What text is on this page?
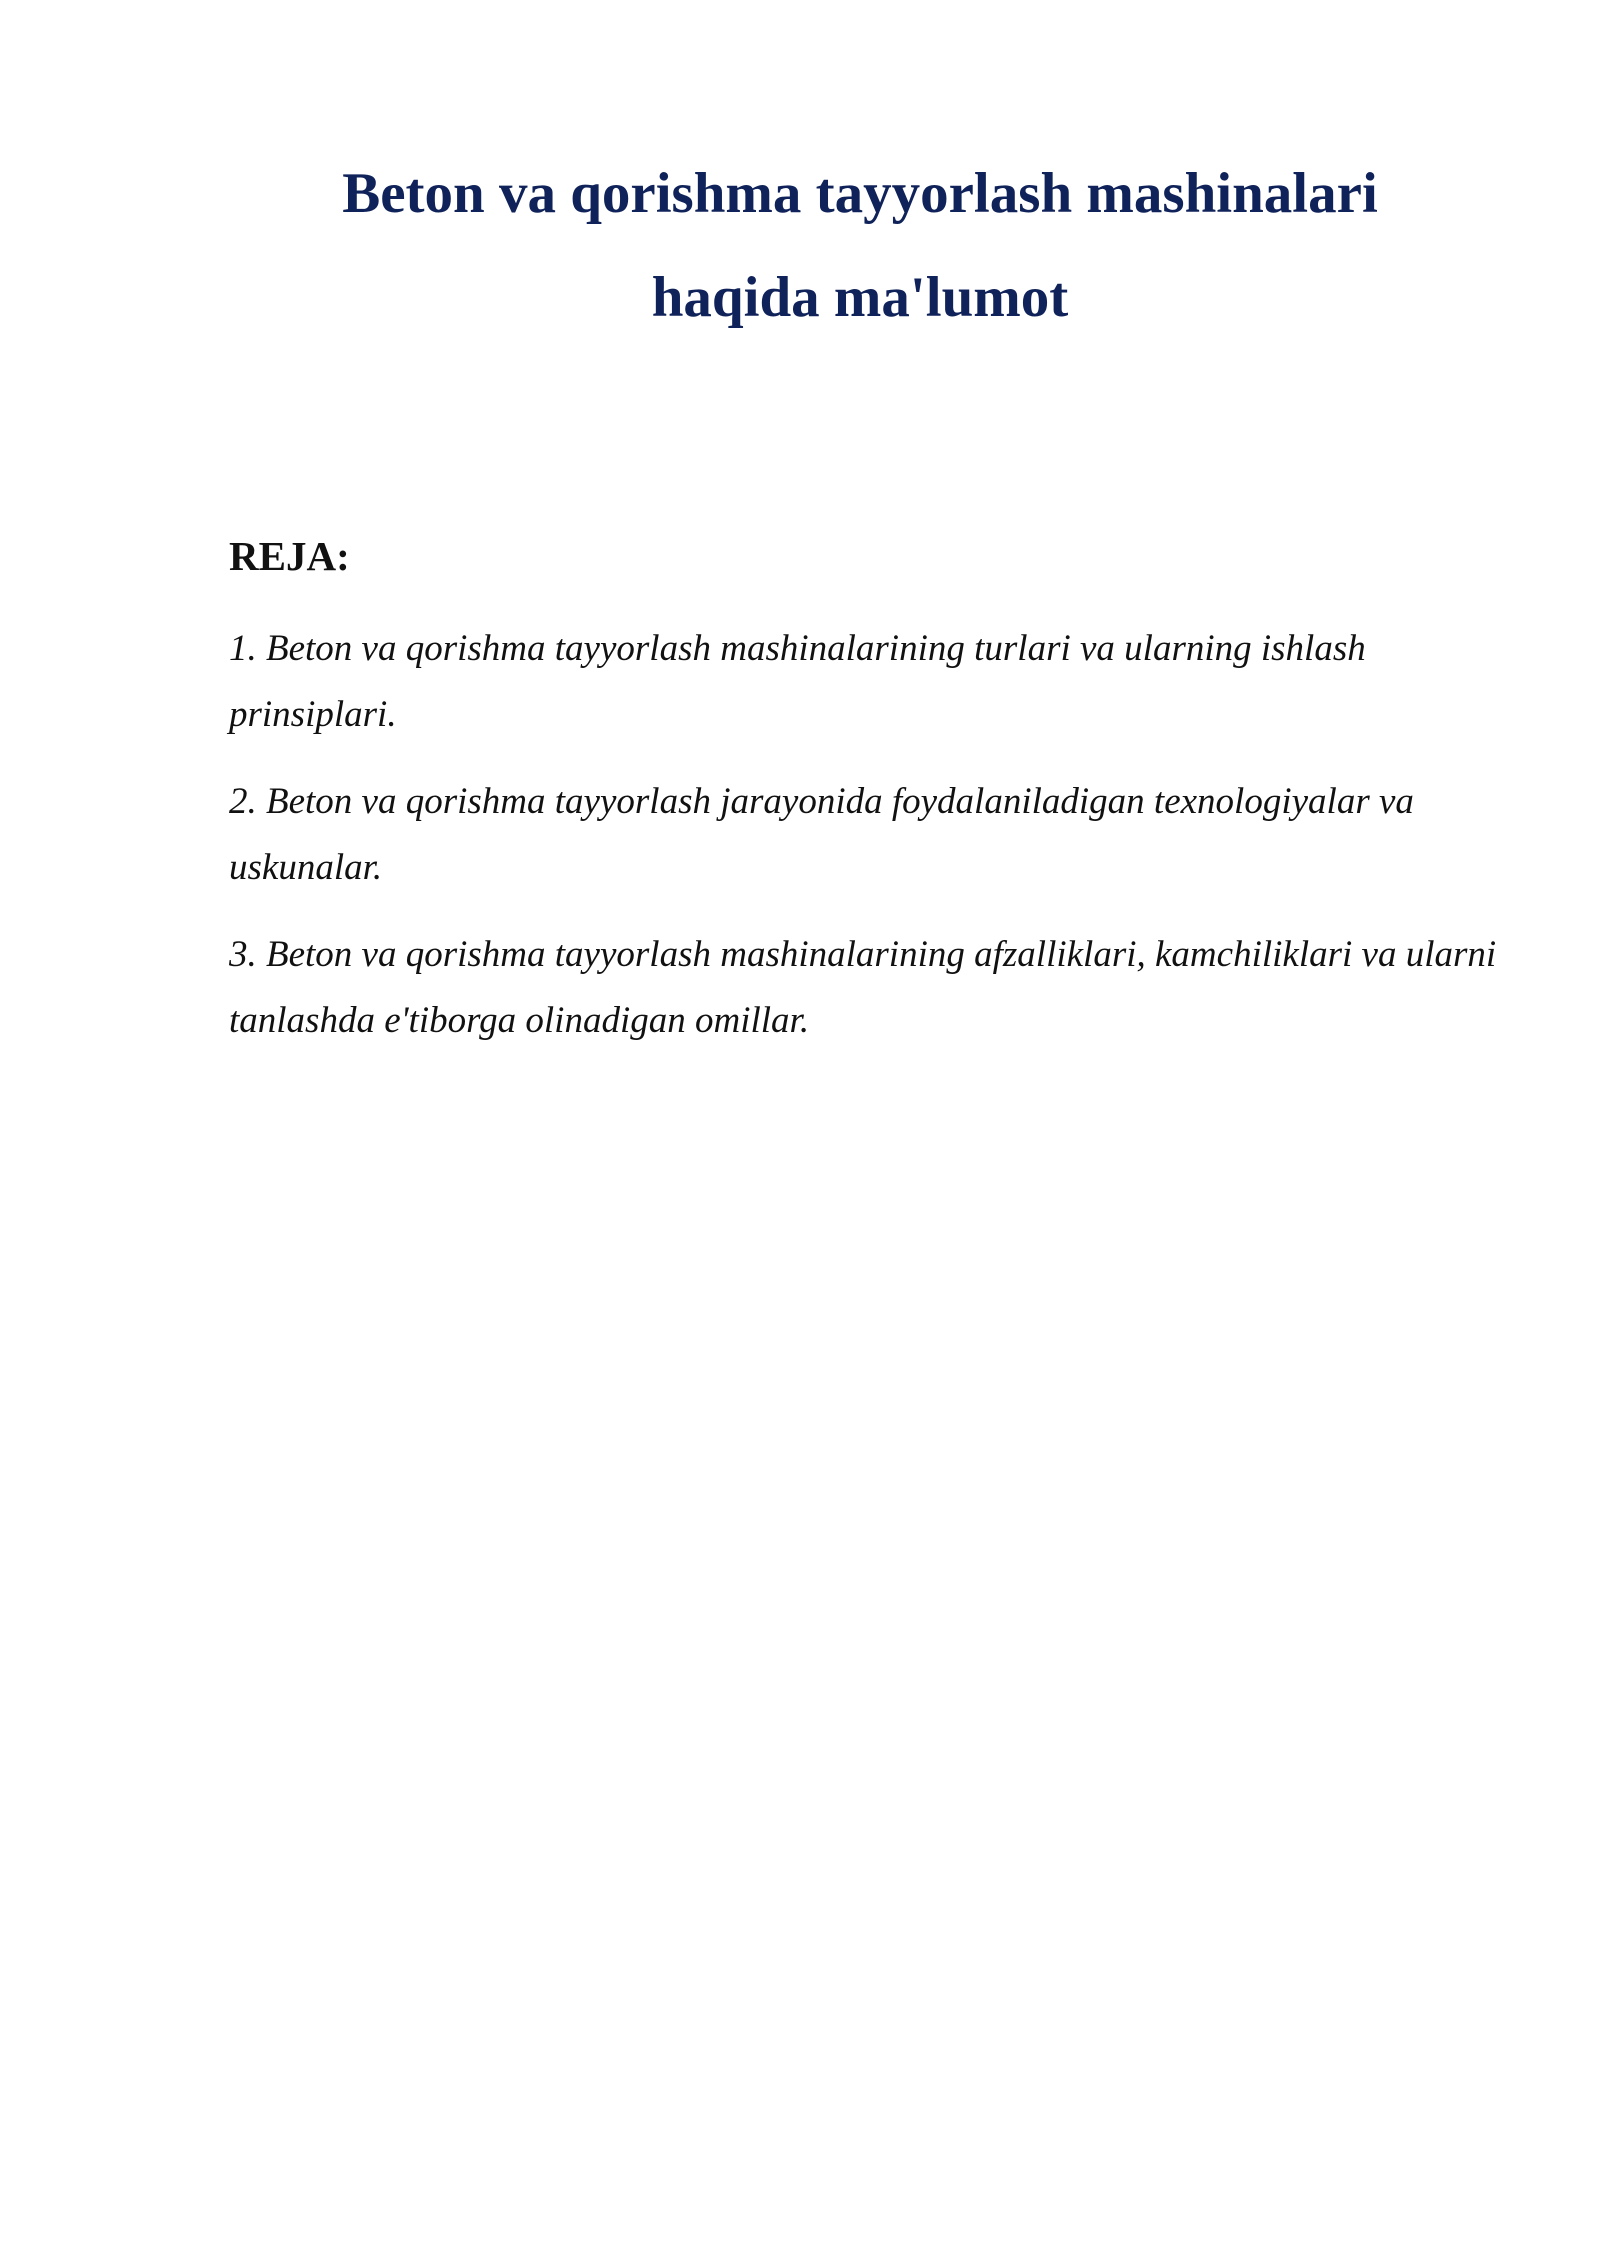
Beton va qorishma tayyorlash mashinalari
haqida ma'lumot
REJA:
1. Beton va qorishma tayyorlash mashinalarining turlari va ularning ishlash prinsiplari.
2. Beton va qorishma tayyorlash jarayonida foydalaniladigan texnologiyalar va uskunalar.
3. Beton va qorishma tayyorlash mashinalarining afzalliklari, kamchiliklari va ularni tanlashda e'tiborga olinadigan omillar.
